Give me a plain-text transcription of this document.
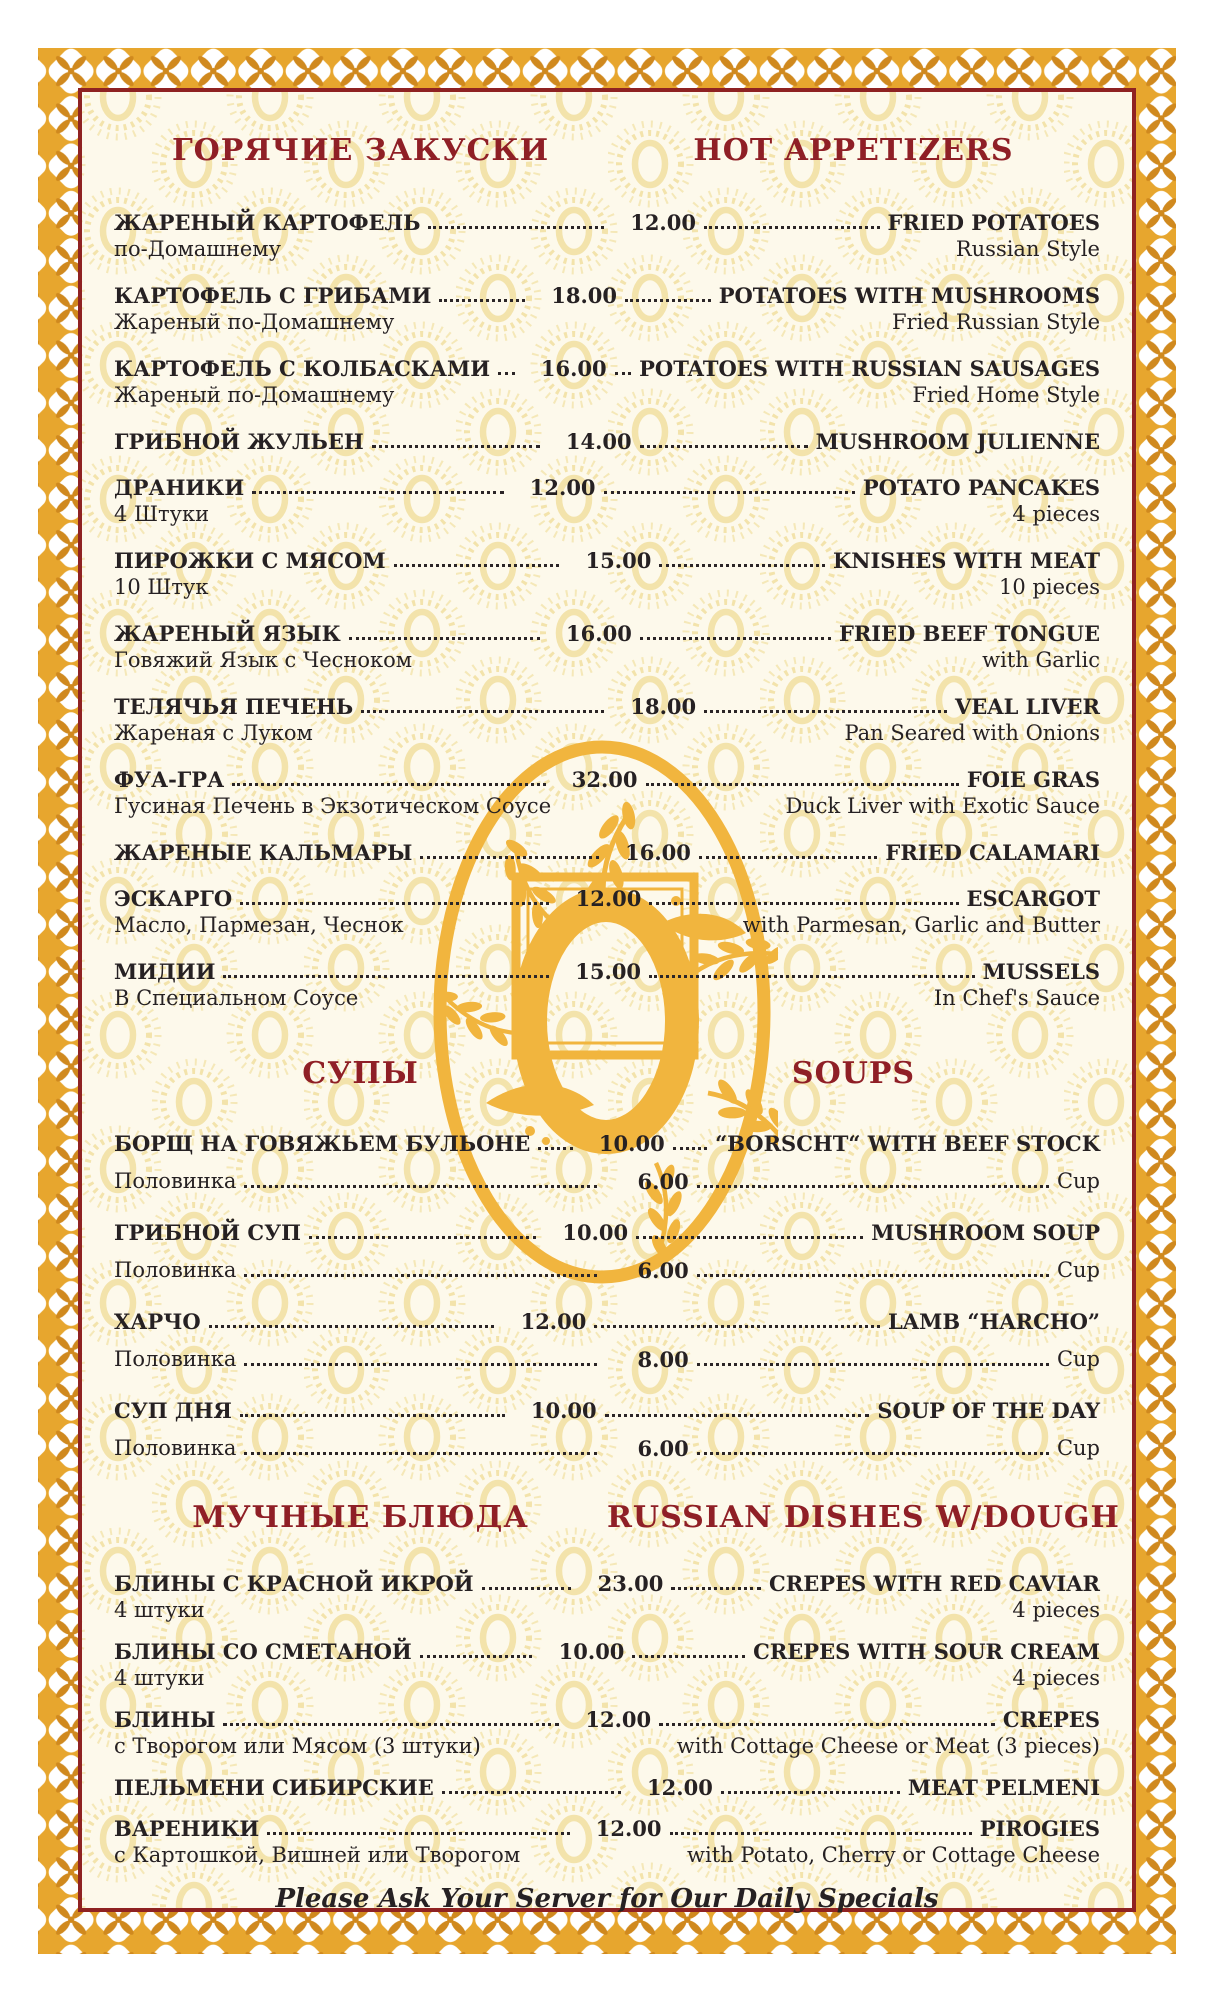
ГОРЯЧИЕ ЗАКУСКИ	HOT APPETIZERS
ЖАРЕНЫЙ КАРТОФЕЛЬ	12.00	FRIED POTATOES
по-Домашнему	Russian Style
КАРТОФЕЛЬ С ГРИБАМИ	18.00	POTATOES WITH MUSHROOMS
Жареный по-Домашнему	Fried Russian Style
КАРТОФЕЛЬ С КОЛБАСКАМИ	16.00 POTATOES WITH RUSSIAN SAUSAGES
Жареный по-Домашнему	Fried Home Style
ГРИБНОЙ ЖУЛЬЕН	14.00	MUSHROOM JULIENNE
ДРАНИКИ	12.00	POTATO PANCAKES
4 Штуки	4 pieces
ПИРОЖКИ С МЯСОМ	15.00	KNISHES WITH MEAT
10 Штук	10 pieces
ЖАРЕНЫЙ ЯЗЫК	16.00	FRIED BEEF TONGUE
Говяжий Язык с Чесноком	with Garlic
ТЕЛЯЧЬЯ ПЕЧЕНЬ	18.00	VEAL LIVER
Жареная с Луком	Pan Seared with Onions
ФУА-ГРА	32.00	FOIE GRAS
Гусиная Печень в Экзотическом Соусе	Duck Liver with Exotic Sauce
ЖАРЕНЫЕ КАЛЬМАРЫ	16.00	FRIED CALAMARI
ЭСКАРГО	12.00	ESCARGOT
Масло, Пармезан, Чеснок	with Parmesan, Garlic and Butter
МИДИИ	15.00	MUSSELS
В Специальном Соусе	In Chef's Sauce
СУПЫ	SOUPS
БОРЩ НА ГОВЯЖЬЕМ БУЛЬОНЕ	10.00 “BORSCHT“ WITH BEEF STOCK
Половинка	6.00	Cup
ГРИБНОЙ СУП	10.00	MUSHROOM SOUP
Половинка	6.00	Cup
ХАРЧО	12.00	LAMB “HARCHO”
Половинка	8.00	Cup
СУП ДНЯ	10.00	SOUP OF THE DAY
Половинка	6.00	Cup
МУЧНЫЕ БЛЮДА	RUSSIAN DISHES W/DOUGH
БЛИНЫ С КРАСНОЙ ИКРОЙ	23.00	CREPES WITH RED CAVIAR
4 штуки	4 pieces
БЛИНЫ СО СМЕТАНОЙ	10.00	CREPES WITH SOUR CREAM
4 штуки	4 pieces
БЛИНЫ	12.00	CREPES
с Творогом или Мясом (3 штуки)	with Cottage Cheese or Meat (3 pieces)
ПЕЛЬМЕНИ СИБИРСКИЕ	12.00	MEAT PELMENI
ВАРЕНИКИ	12.00	PIROGIES
с Картошкой, Вишней или Творогом	with Potato, Cherry or Cottage Cheese
Please Ask Your Server for Our Daily Specials
